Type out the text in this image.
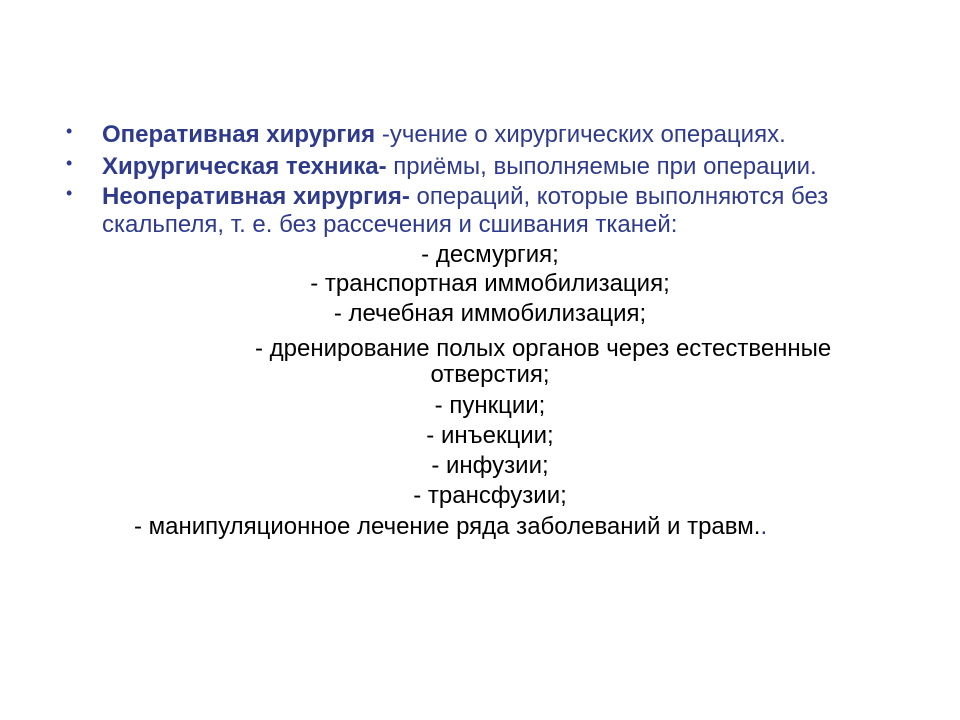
• Оперативная хирургия -учение о хирургических операциях.
• Хирургическая техника- приёмы, выполняемые при операции.
• Неоперативная хирургия- операций, которые выполняются без скальпеля, т. е. без рассечения и сшивания тканей:
- десмургия;
- транспортная иммобилизация;
- лечебная иммобилизация;
- дренирование полых органов через естественные
отверстия;
- пункции;
- инъекции;
- инфузии;
- трансфузии;
- манипуляционное лечение ряда заболеваний и травм..
